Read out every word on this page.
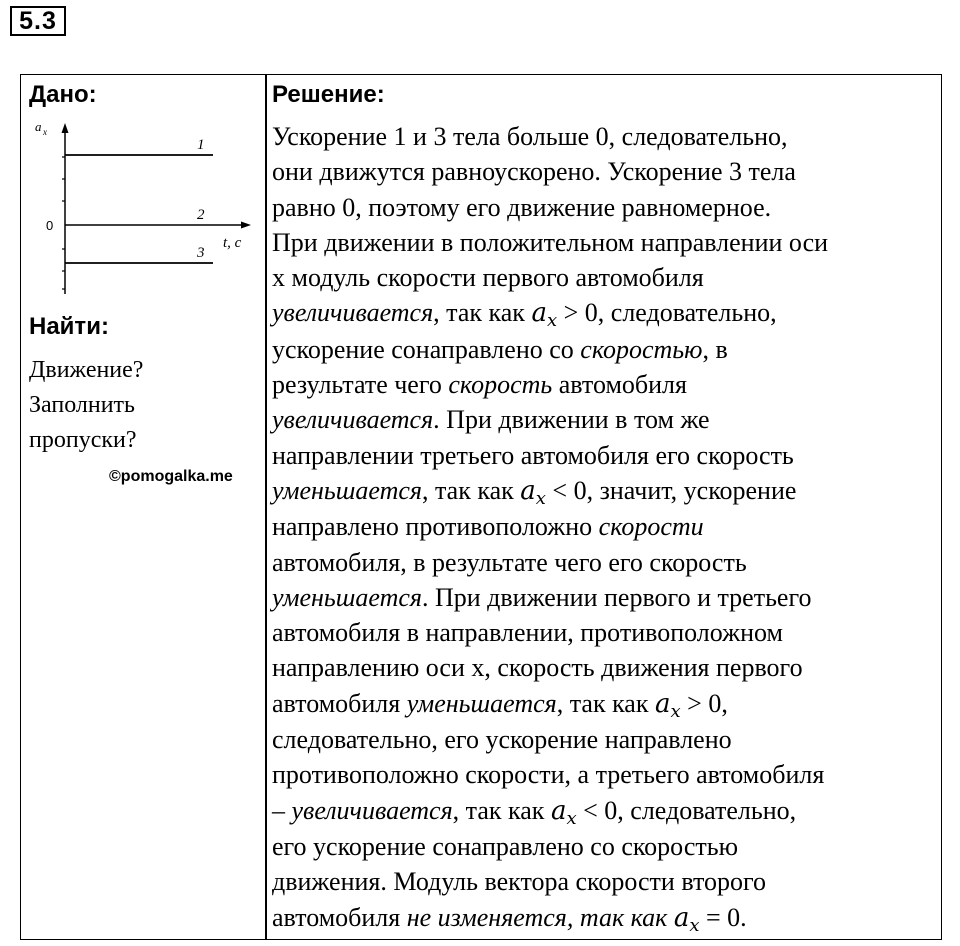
5.3
Дано:
a x
0
t, с
1
2
3
Найти:
Движение?
Заполнить
пропуски?
©pomogalka.me
Решение:
Ускорение 1 и 3 тела больше 0, следовательно,
они движутся равноускорено. Ускорение 3 тела
равно 0, поэтому его движение равномерное.
При движении в положительном направлении оси
x модуль скорости первого автомобиля
увеличивается, так как $a_x > 0$, следовательно,
ускорение сонаправлено со скоростью, в
результате чего скорость автомобиля
увеличивается. При движении в том же
направлении третьего автомобиля его скорость
уменьшается, так как $a_x < 0$, значит, ускорение
направлено противоположно скорости
автомобиля, в результате чего его скорость
уменьшается. При движении первого и третьего
автомобиля в направлении, противоположном
направлению оси x, скорость движения первого
автомобиля уменьшается, так как $a_x > 0$,
следовательно, его ускорение направлено
противоположно скорости, а третьего автомобиля
– увеличивается, так как $a_x < 0$, следовательно,
его ускорение сонаправлено со скоростью
движения. Модуль вектора скорости второго
автомобиля не изменяется, так как $a_x = 0$.
